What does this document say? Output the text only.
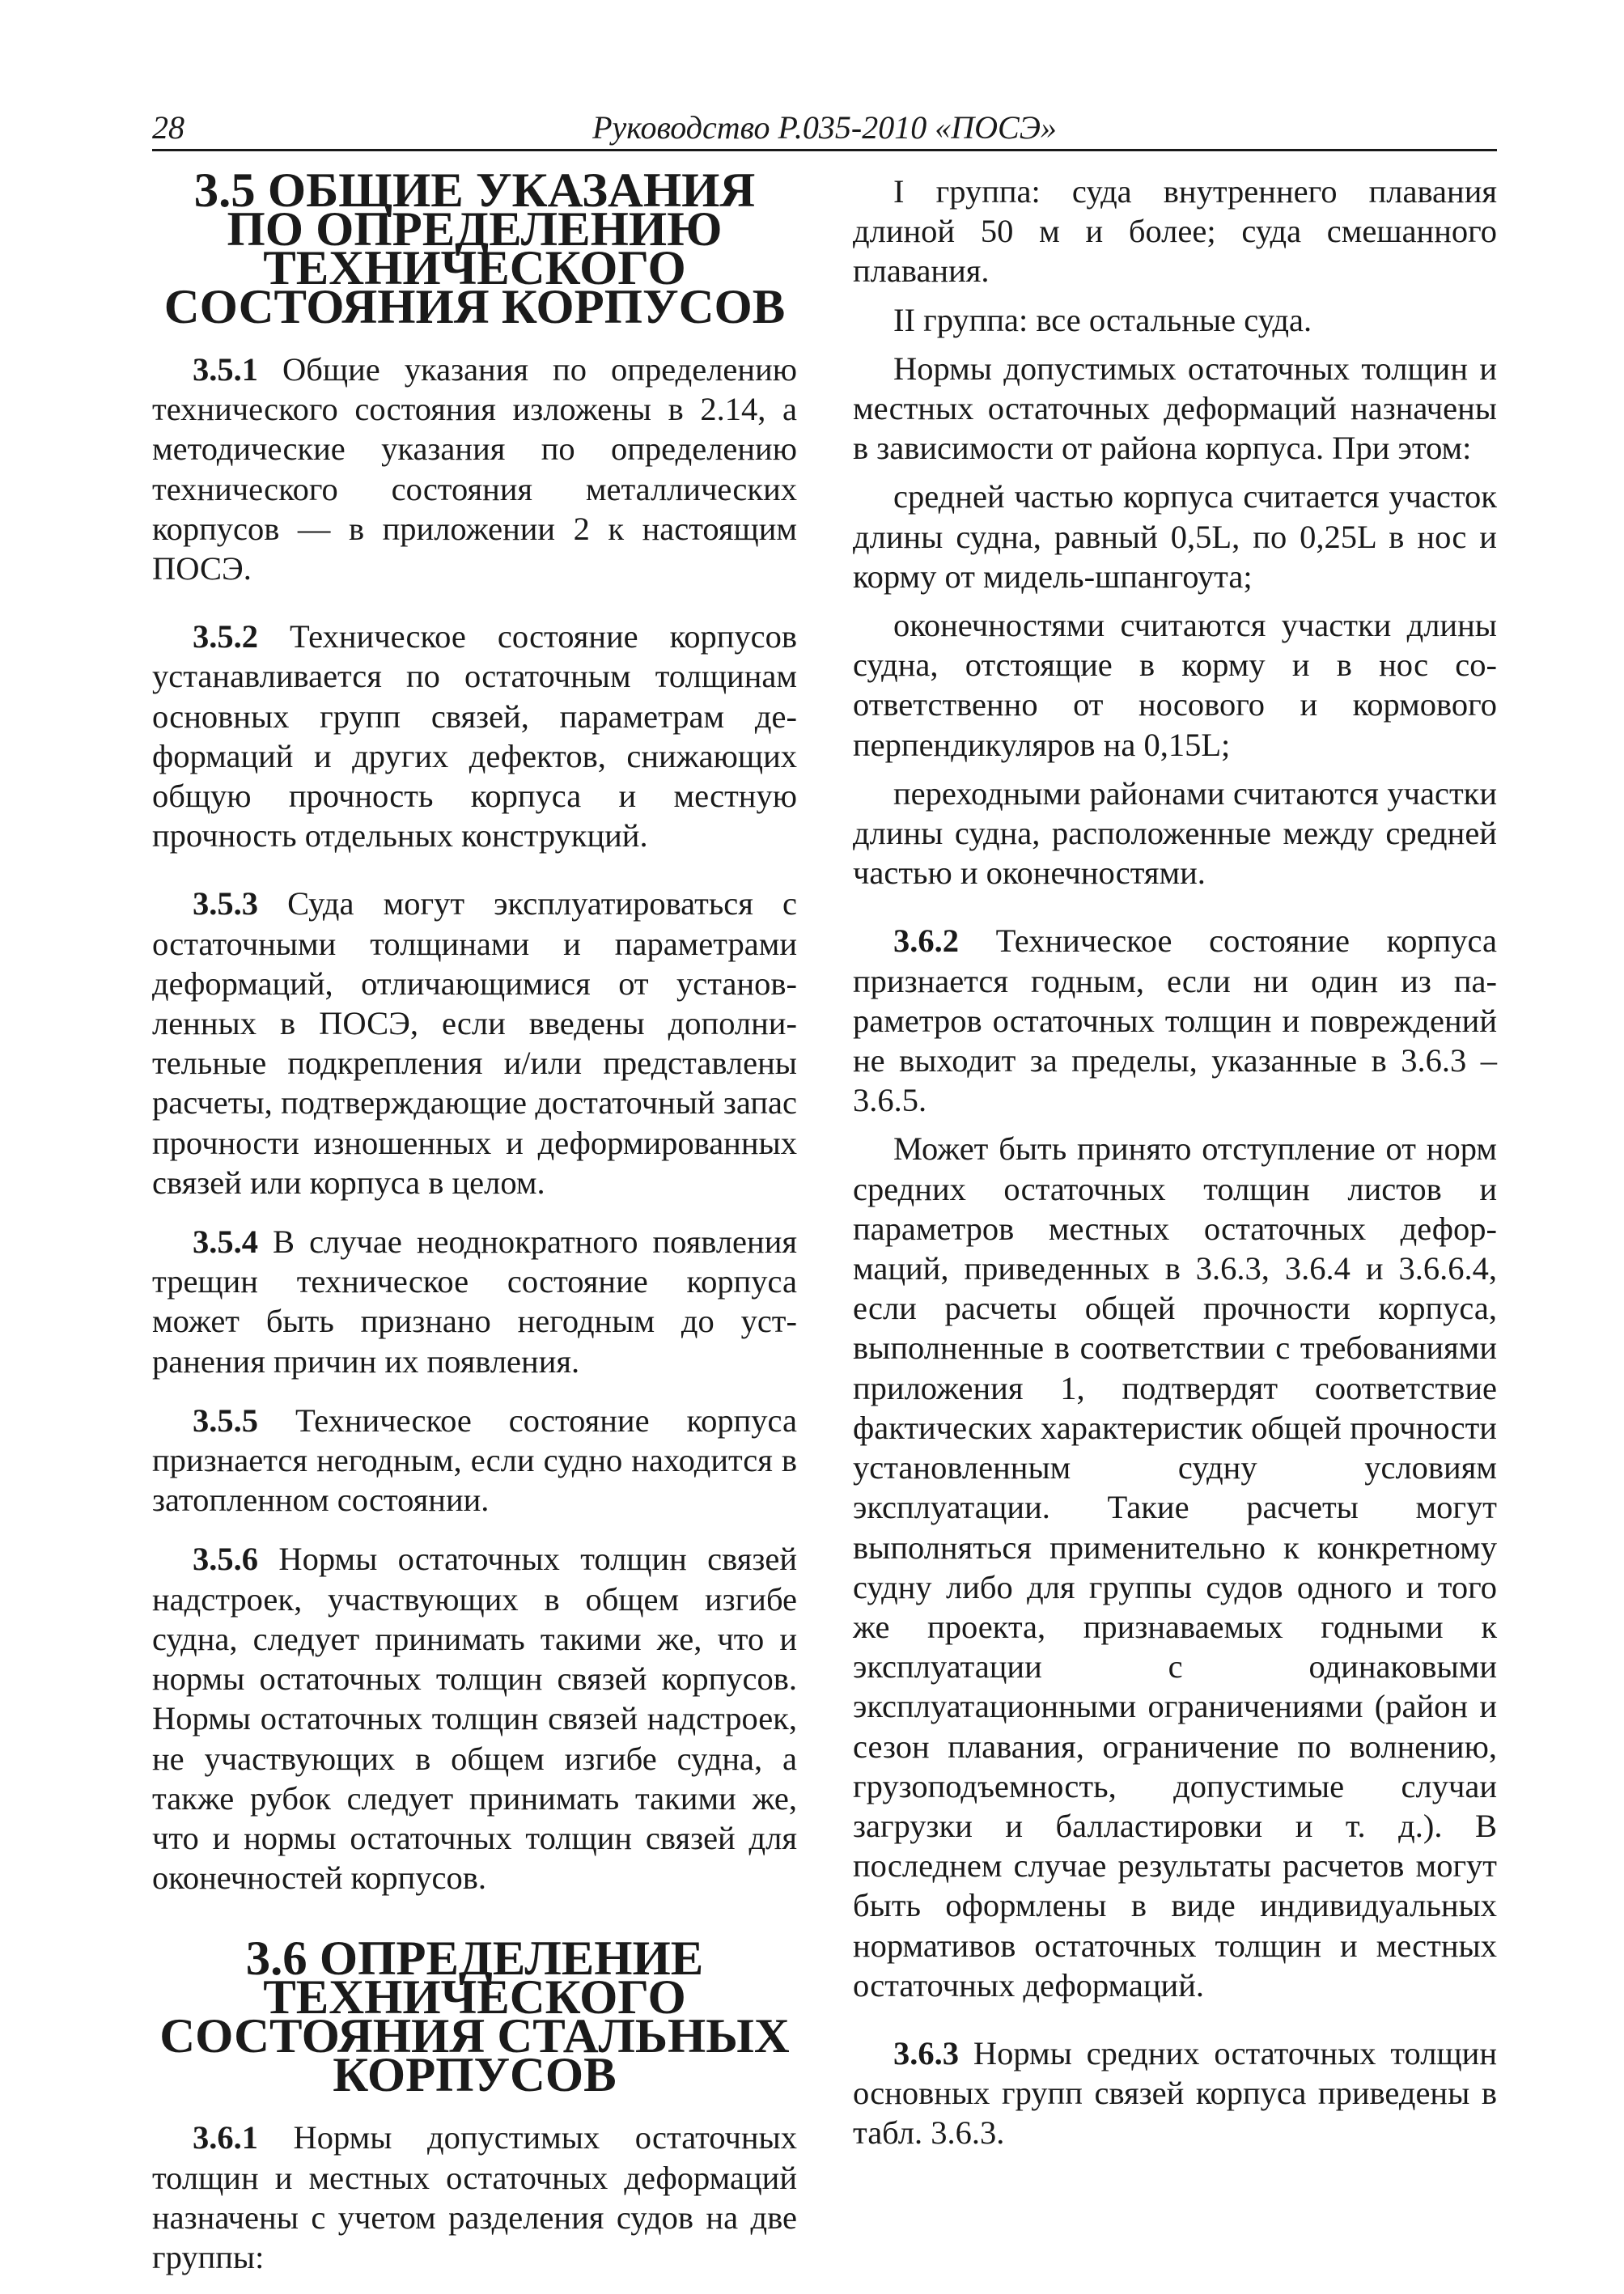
28	Руководство Р.035-2010 «ПОСЭ»
3.5 ОБЩИЕ УКАЗАНИЯ
ПО ОПРЕДЕЛЕНИЮ ТЕХНИЧЕСКОГО
СОСТОЯНИЯ КОРПУСОВ

3.5.1 Общие указания по определению технического состояния изложены в 2.14, а методические указания по определению технического состояния металлических корпусов — в приложении 2 к настоящим ПОСЭ.

3.5.2 Техническое состояние корпусов устанавливается по остаточным толщинам основных групп связей, параметрам деформаций и других дефектов, снижающих общую прочность корпуса и местную прочность отдельных конструкций.

3.5.3 Суда могут эксплуатироваться с остаточными толщинами и параметрами деформаций, отличающимися от установленных в ПОСЭ, если введены дополнительные подкрепления и/или представлены расчеты, подтверждающие достаточный запас прочности изношенных и деформированных связей или корпуса в целом.

3.5.4 В случае неоднократного появления трещин техническое состояние корпуса может быть признано негодным до устранения причин их появления.

3.5.5 Техническое состояние корпуса признается негодным, если судно находится в затопленном состоянии.

3.5.6 Нормы остаточных толщин связей надстроек, участвующих в общем изгибе судна, следует принимать такими же, что и нормы остаточных толщин связей корпусов. Нормы остаточных толщин связей надстроек, не участвующих в общем изгибе судна, а также рубок следует принимать такими же, что и нормы остаточных толщин связей для оконечностей корпусов.

3.6 ОПРЕДЕЛЕНИЕ ТЕХНИЧЕСКОГО
СОСТОЯНИЯ СТАЛЬНЫХ КОРПУСОВ

3.6.1 Нормы допустимых остаточных толщин и местных остаточных деформаций назначены с учетом разделения судов на две группы:

I группа: суда внутреннего плавания длиной 50 м и более; суда смешанного плавания.

II группа: все остальные суда.

Нормы допустимых остаточных толщин и местных остаточных деформаций назначены в зависимости от района корпуса. При этом:

средней частью корпуса считается участок длины судна, равный 0,5L, по 0,25L в нос и корму от мидель-шпангоута;

оконечностями считаются участки длины судна, отстоящие в корму и в нос соответственно от носового и кормового перпендикуляров на 0,15L;

переходными районами считаются участки длины судна, расположенные между средней частью и оконечностями.

3.6.2 Техническое состояние корпуса признается годным, если ни один из параметров остаточных толщин и повреждений не выходит за пределы, указанные в 3.6.3 – 3.6.5.

Может быть принято отступление от норм средних остаточных толщин листов и параметров местных остаточных деформаций, приведенных в 3.6.3, 3.6.4 и 3.6.6.4, если расчеты общей прочности корпуса, выполненные в соответствии с требованиями приложения 1, подтвердят соответствие фактических характеристик общей прочности установленным судну условиям эксплуатации. Такие расчеты могут выполняться применительно к конкретному судну либо для группы судов одного и того же проекта, признаваемых годными к эксплуатации с одинаковыми эксплуатационными ограничениями (район и сезон плавания, ограничение по волнению, грузоподъемность, допустимые случаи загрузки и балластировки и т. д.). В последнем случае результаты расчетов могут быть оформлены в виде индивидуальных нормативов остаточных толщин и местных остаточных деформаций.

3.6.3 Нормы средних остаточных толщин основных групп связей корпуса приведены в табл. 3.6.3.
